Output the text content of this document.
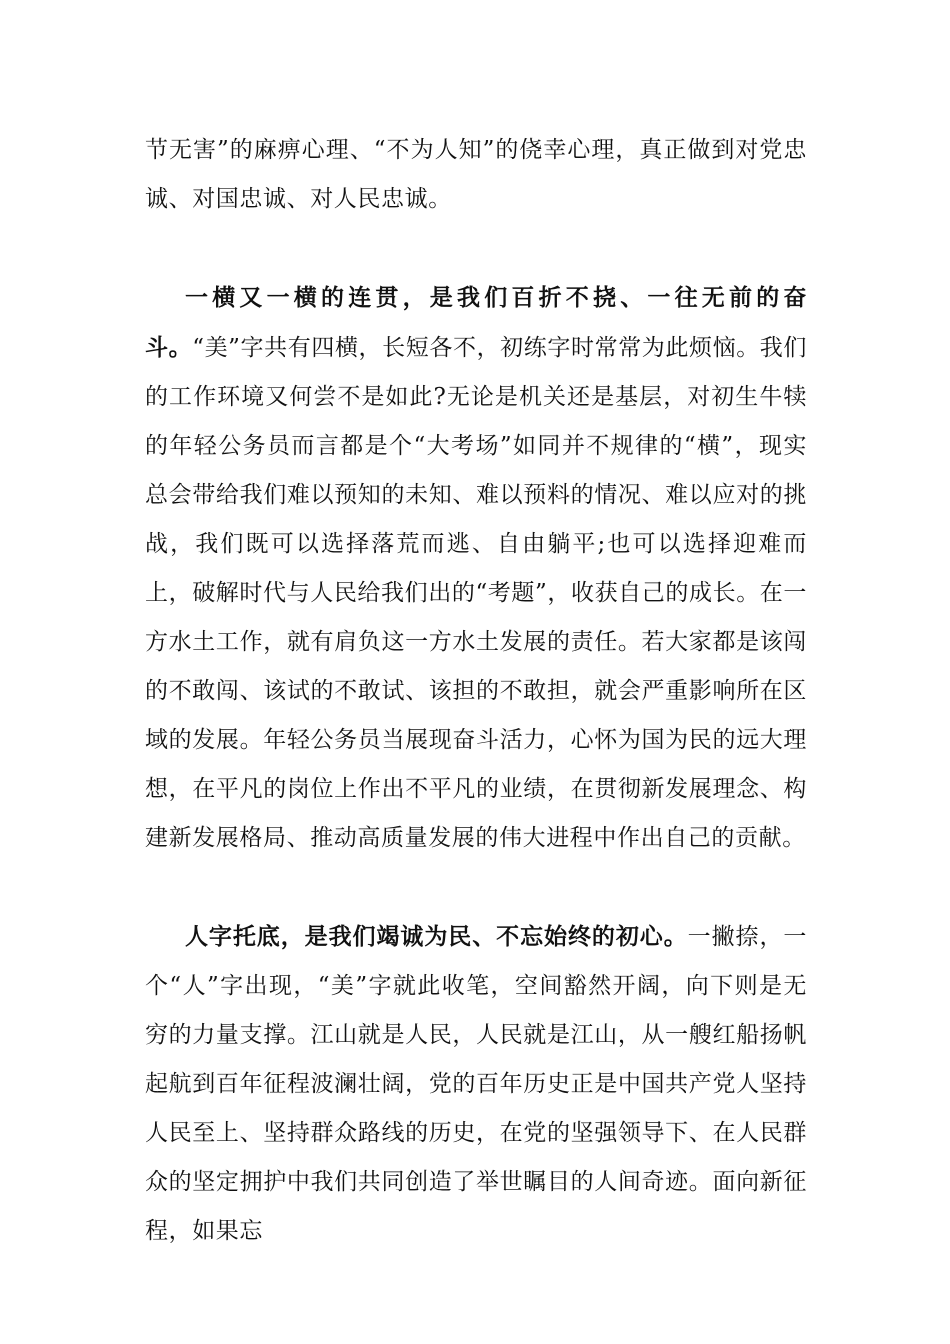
节无害”的麻痹心理、“不为人知”的侥幸心理，真正做到对党忠诚、对国忠诚、对人民忠诚。

一横又一横的连贯，是我们百折不挠、一往无前的奋斗。“美”字共有四横，长短各不，初练字时常常为此烦恼。我们的工作环境又何尝不是如此?无论是机关还是基层，对初生牛犊的年轻公务员而言都是个“大考场”如同并不规律的“横”，现实总会带给我们难以预知的未知、难以预料的情况、难以应对的挑战，我们既可以选择落荒而逃、自由躺平;也可以选择迎难而上，破解时代与人民给我们出的“考题”，收获自己的成长。在一方水土工作，就有肩负这一方水土发展的责任。若大家都是该闯的不敢闯、该试的不敢试、该担的不敢担，就会严重影响所在区域的发展。年轻公务员当展现奋斗活力，心怀为国为民的远大理想，在平凡的岗位上作出不平凡的业绩，在贯彻新发展理念、构建新发展格局、推动高质量发展的伟大进程中作出自己的贡献。

人字托底，是我们竭诚为民、不忘始终的初心。一撇捺，一个“人”字出现，“美”字就此收笔，空间豁然开阔，向下则是无穷的力量支撑。江山就是人民，人民就是江山，从一艘红船扬帆起航到百年征程波澜壮阔，党的百年历史正是中国共产党人坚持人民至上、坚持群众路线的历史，在党的坚强领导下、在人民群众的坚定拥护中我们共同创造了举世瞩目的人间奇迹。面向新征程，如果忘
